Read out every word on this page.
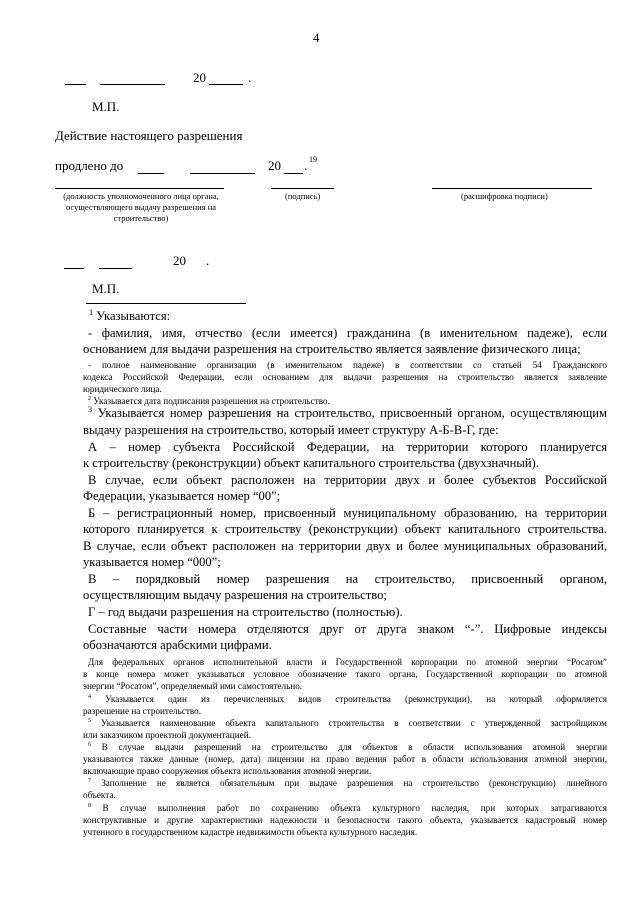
4
20	.
М.П.
Действие настоящего разрешения
продлено до	20 . 19
(должность уполномоченного лица органа, осуществляющего выдачу разрешения на строительство)
(подпись)	(расшифровка подписи)
20 .
М.П.
$^1$ Указываются:
- фамилия, имя, отчество (если имеется) гражданина (в именительном падеже), если
основанием для выдачи разрешения на строительство является заявление физического лица;
- полное наименование организации (в именительном падеже) в соответствии со статьей 54 Гражданского
кодекса Российской Федерации, если основанием для выдачи разрешения на строительство является заявление
юридического лица.
$^2$ Указывается дата подписания разрешения на строительство.
$^3$ Указывается номер разрешения на строительство, присвоенный органом, осуществляющим
выдачу разрешения на строительство, который имеет структуру А-Б-В-Г, где:
А – номер субъекта Российской Федерации, на территории которого планируется
к строительству (реконструкции) объект капитального строительства (двухзначный).
В случае, если объект расположен на территории двух и более субъектов Российской
Федерации, указывается номер “00”;
Б – регистрационный номер, присвоенный муниципальному образованию, на территории
которого планируется к строительству (реконструкции) объект капитального строительства.
В случае, если объект расположен на территории двух и более муниципальных образований,
указывается номер “000”;
В – порядковый номер разрешения на строительство, присвоенный органом,
осуществляющим выдачу разрешения на строительство;
Г – год выдачи разрешения на строительство (полностью).
Составные части номера отделяются друг от друга знаком “-”. Цифровые индексы
обозначаются арабскими цифрами.
Для федеральных органов исполнительной власти и Государственной корпорации по атомной энергии “Росатом”
в конце номера может указываться условное обозначение такого органа, Государственной корпорации по атомной
энергии “Росатом”, определяемый ими самостоятельно.
$^4$ Указывается один из перечисленных видов строительства (реконструкции), на который оформляется
разрешение на строительство.
$^5$ Указывается наименование объекта капитального строительства в соответствии с утвержденной застройщиком
или заказчиком проектной документацией.
$^6$ В случае выдачи разрешений на строительство для объектов в области использования атомной энергии
указываются также данные (номер, дата) лицензии на право ведения работ в области использования атомной энергии,
включающие право сооружения объекта использования атомной энергии.
$^7$ Заполнение не является обязательным при выдаче разрешения на строительство (реконструкцию) линейного
объекта.
$^8$ В случае выполнения работ по сохранению объекта культурного наследия, при которых затрагиваются
конструктивные и другие характеристики надежности и безопасности такого объекта, указывается кадастровый номер
учтенного в государственном кадастре недвижимости объекта культурного наследия.
